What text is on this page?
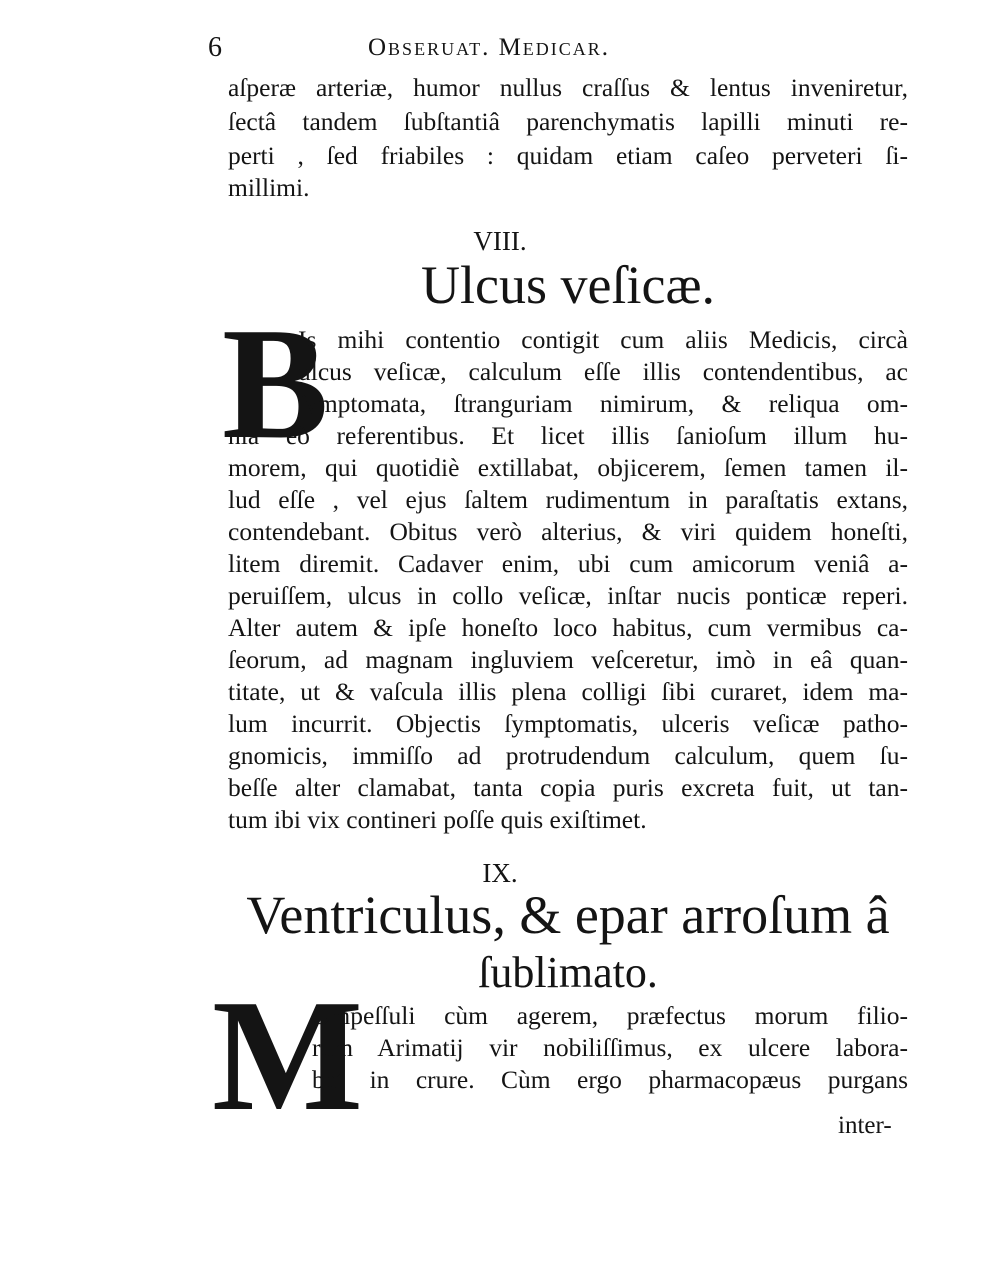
6	Obseruat. Medicar.
aſperæ arteriæ, humor nullus craſſus & lentus inveniretur,
ſectâ tandem ſubſtantiâ parenchymatis lapilli minuti re-
perti , ſed friabiles : quidam etiam caſeo perveteri ſi-
millimi.
VIII.
Ulcus veſicæ.
B
Is mihi contentio contigit cum aliis Medicis, circà
ulcus veſicæ, calculum eſſe illis contendentibus, ac
ſymptomata, ſtranguriam nimirum, & reliqua om-
nia eò referentibus. Et licet illis ſanioſum illum hu-
morem, qui quotidiè extillabat, objicerem, ſemen tamen il-
lud eſſe , vel ejus ſaltem rudimentum in paraſtatis extans,
contendebant. Obitus verò alterius, & viri quidem honeſti,
litem diremit. Cadaver enim, ubi cum amicorum veniâ a-
peruiſſem, ulcus in collo veſicæ, inſtar nucis ponticæ reperi.
Alter autem & ipſe honeſto loco habitus, cum vermibus ca-
ſeorum, ad magnam ingluviem veſceretur, imò in eâ quan-
titate, ut & vaſcula illis plena colligi ſibi curaret, idem ma-
lum incurrit. Objectis ſymptomatis, ulceris veſicæ patho-
gnomicis, immiſſo ad protrudendum calculum, quem ſu-
beſſe alter clamabat, tanta copia puris excreta fuit, ut tan-
tum ibi vix contineri poſſe quis exiſtimet.
IX.
Ventriculus, & epar arroſum â
ſublimato.
M
Ompeſſuli cùm agerem, præfectus morum filio-
rum Arimatij vir nobiliſſimus, ex ulcere labora-
bat in crure. Cùm ergo pharmacopæus purgans
inter-
